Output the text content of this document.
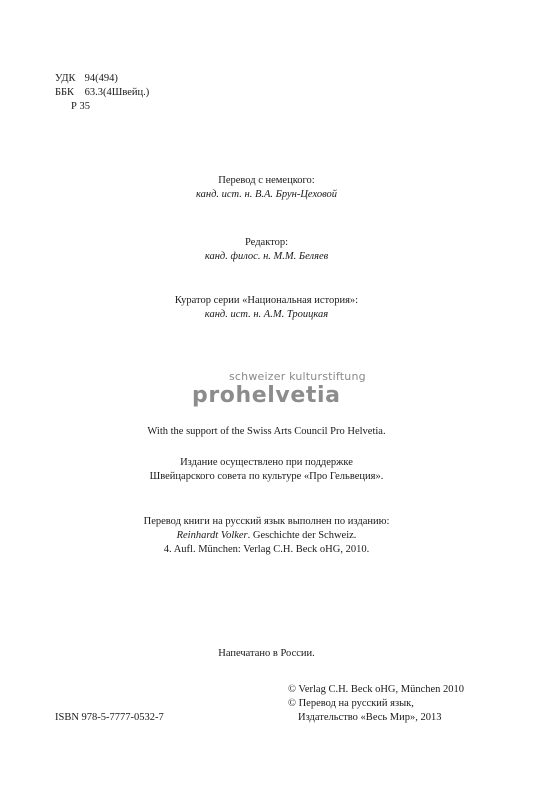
УДК 94(494)
ББК 63.3(4Швейц.)
Р 35
Перевод с немецкого:
канд. ист. н. В.А. Брун-Цеховой
Редактор:
канд. филос. н. М.М. Беляев
Куратор серии «Национальная история»:
канд. ист. н. А.М. Троицкая
schweizer kulturstiftung
prohelvetia
With the support of the Swiss Arts Council Pro Helvetia.
Издание осуществлено при поддержке
Швейцарского совета по культуре «Про Гельвеция».
Перевод книги на русский язык выполнен по изданию:
Reinhardt Volker. Geschichte der Schweiz.
4. Aufl. München: Verlag C.H. Beck oHG, 2010.
Напечатано в России.
© Verlag C.H. Beck oHG, München 2010
© Перевод на русский язык,
Издательство «Весь Мир», 2013
ISBN 978-5-7777-0532-7
